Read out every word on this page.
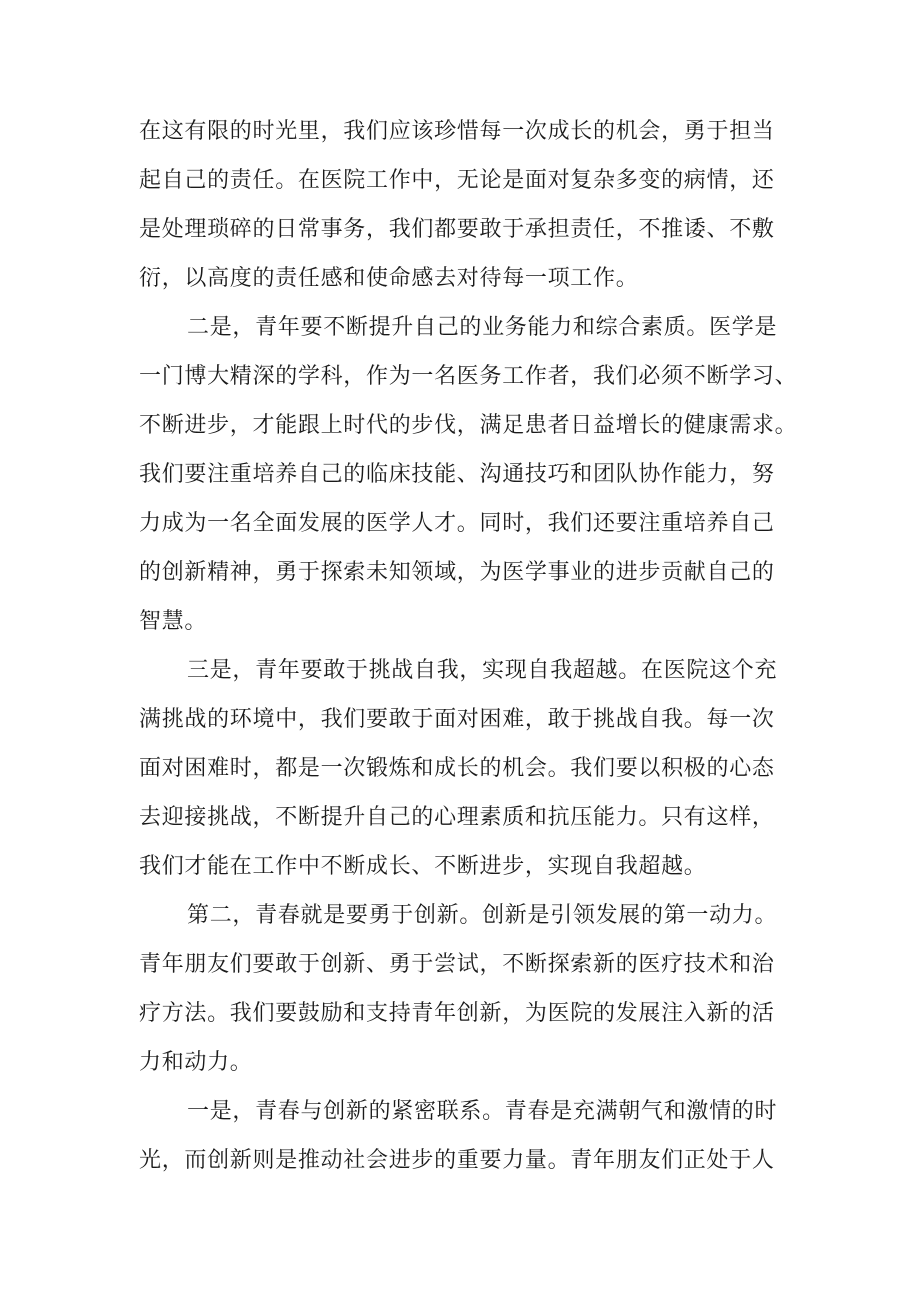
在这有限的时光里，我们应该珍惜每一次成长的机会，勇于担当

起自己的责任。在医院工作中，无论是面对复杂多变的病情，还

是处理琐碎的日常事务，我们都要敢于承担责任，不推诿、不敷

衍，以高度的责任感和使命感去对待每一项工作。

二是，青年要不断提升自己的业务能力和综合素质。医学是

一门博大精深的学科，作为一名医务工作者，我们必须不断学习、

不断进步，才能跟上时代的步伐，满足患者日益增长的健康需求。

我们要注重培养自己的临床技能、沟通技巧和团队协作能力，努

力成为一名全面发展的医学人才。同时，我们还要注重培养自己

的创新精神，勇于探索未知领域，为医学事业的进步贡献自己的

智慧。

三是，青年要敢于挑战自我，实现自我超越。在医院这个充

满挑战的环境中，我们要敢于面对困难，敢于挑战自我。每一次

面对困难时，都是一次锻炼和成长的机会。我们要以积极的心态

去迎接挑战，不断提升自己的心理素质和抗压能力。只有这样，

我们才能在工作中不断成长、不断进步，实现自我超越。

第二，青春就是要勇于创新。创新是引领发展的第一动力。

青年朋友们要敢于创新、勇于尝试，不断探索新的医疗技术和治

疗方法。我们要鼓励和支持青年创新，为医院的发展注入新的活

力和动力。

一是，青春与创新的紧密联系。青春是充满朝气和激情的时

光，而创新则是推动社会进步的重要力量。青年朋友们正处于人
